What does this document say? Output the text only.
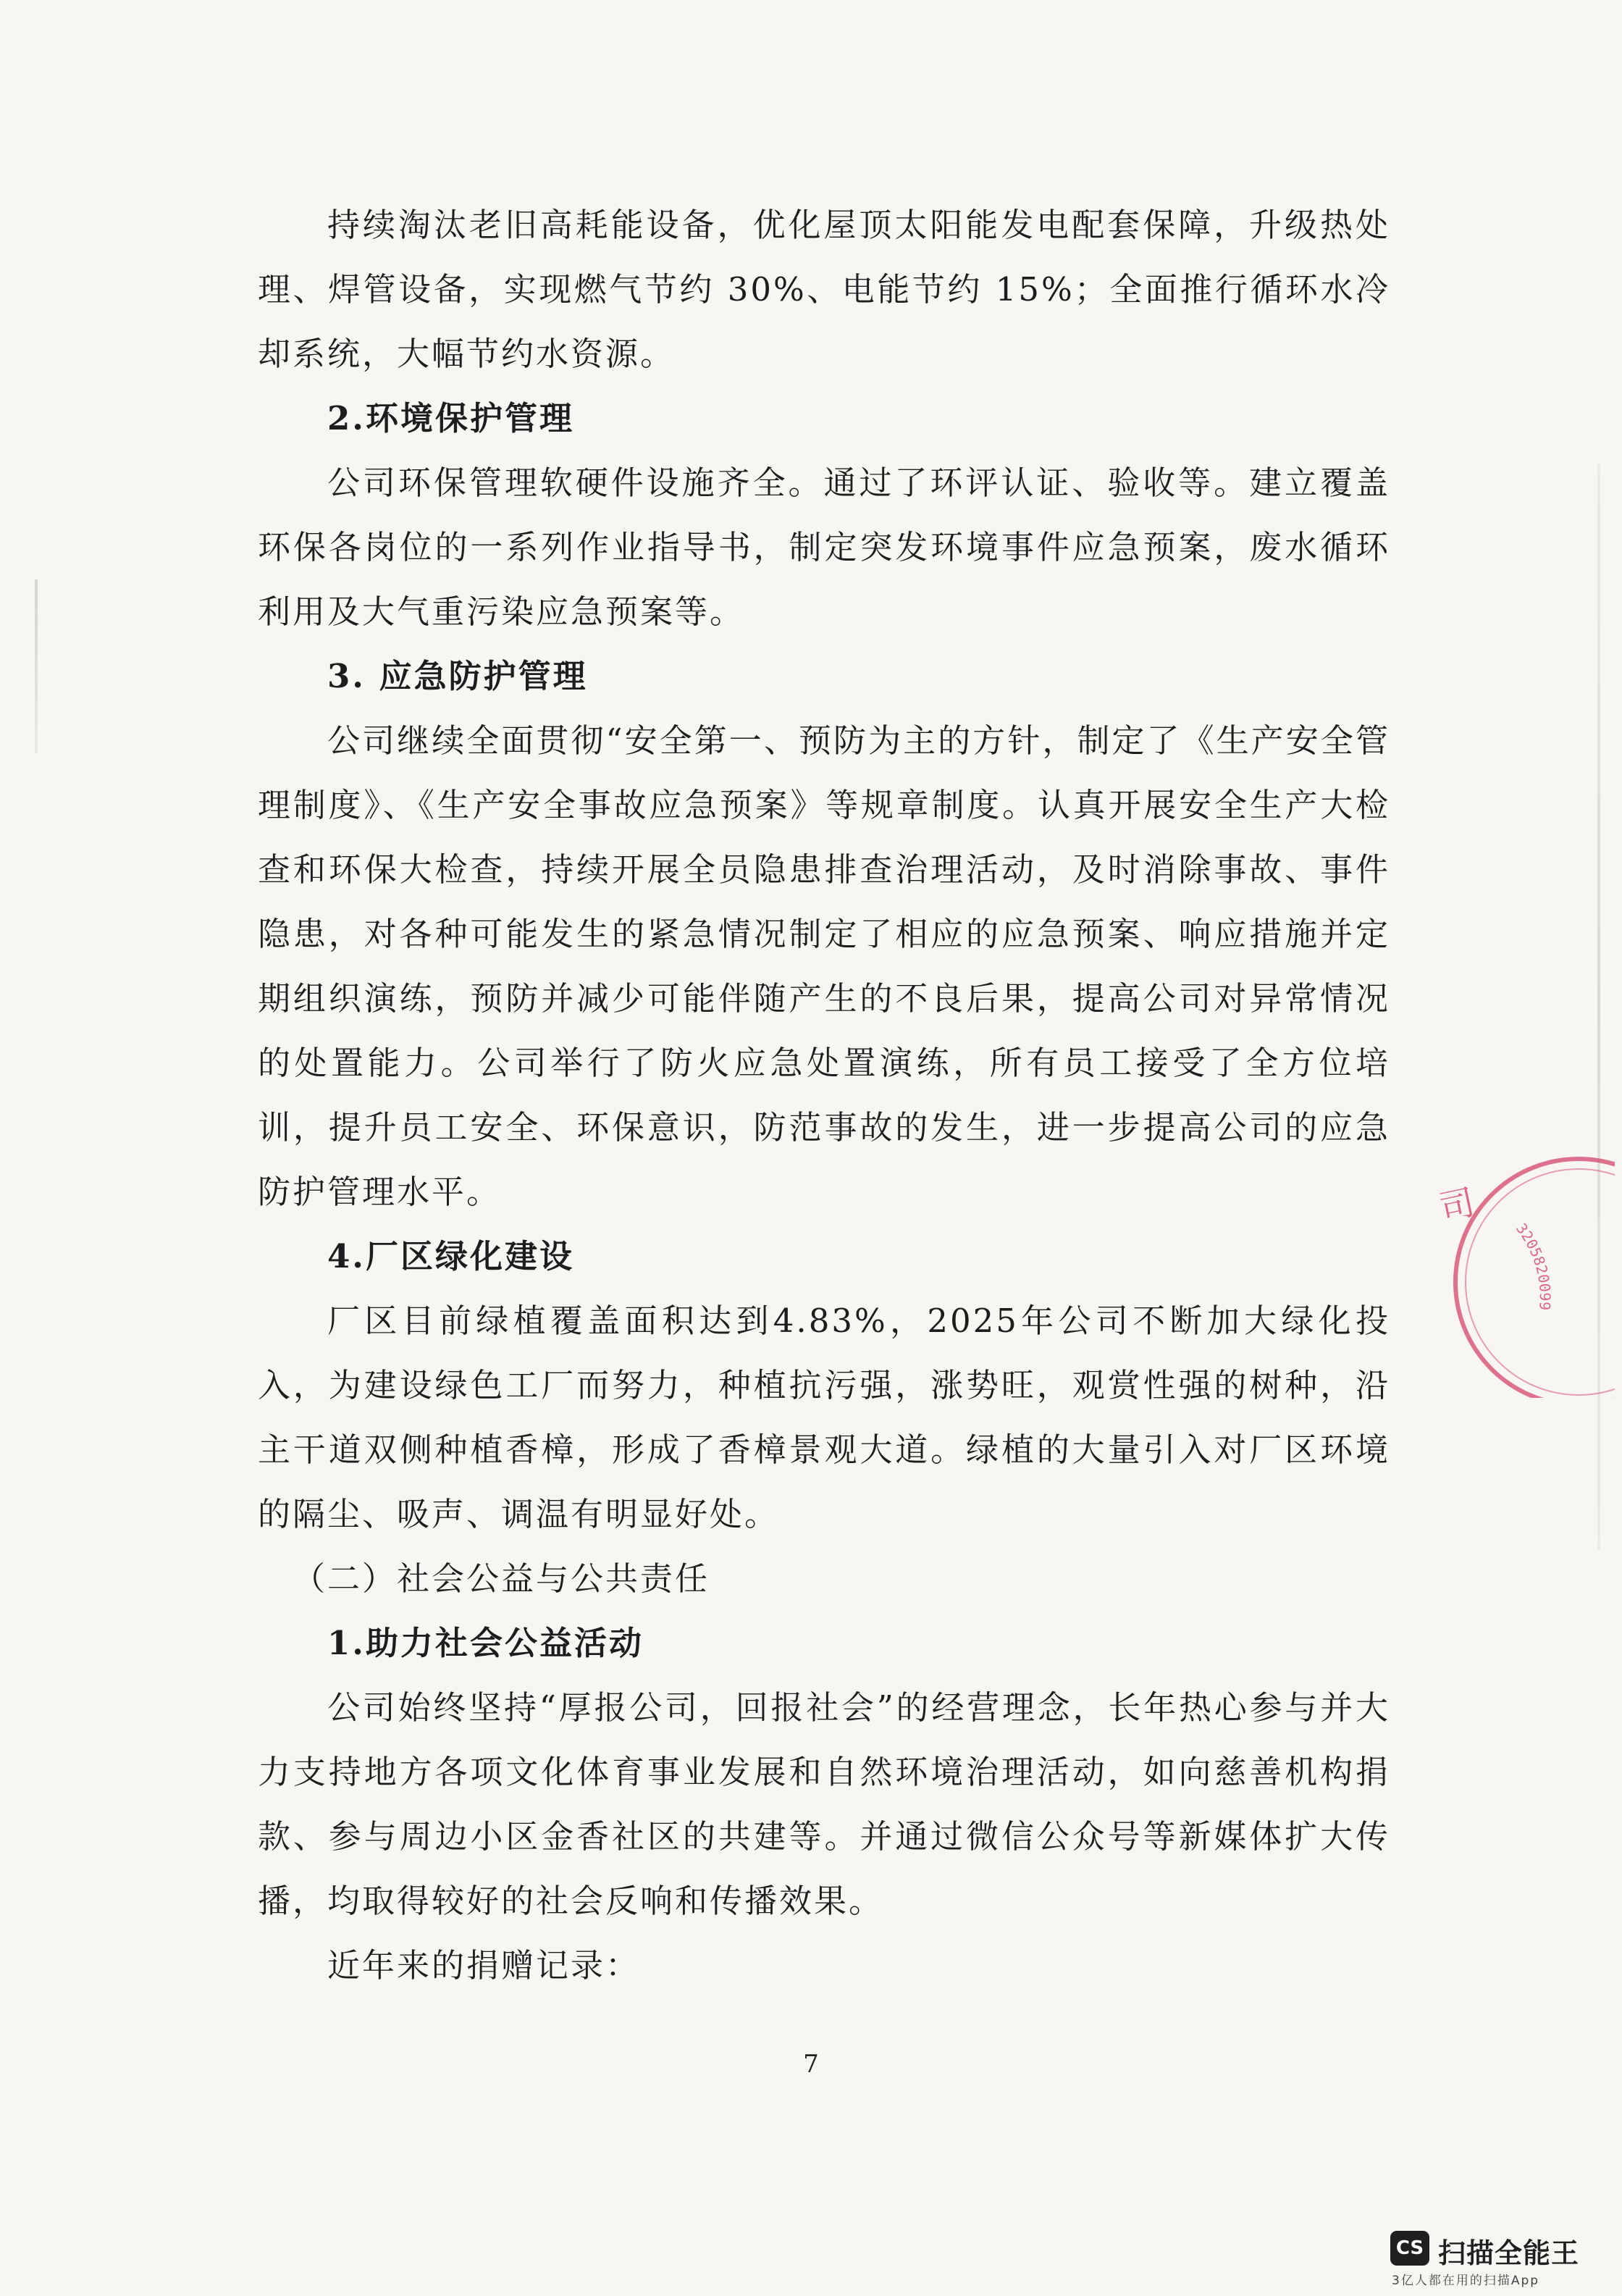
持续淘汰老旧高耗能设备，优化屋顶太阳能发电配套保障，升级热处理、焊管设备，实现燃气节约 30%、电能节约 15%；全面推行循环水冷却系统，大幅节约水资源。

2.环境保护管理

公司环保管理软硬件设施齐全。通过了环评认证、验收等。建立覆盖环保各岗位的一系列作业指导书，制定突发环境事件应急预案，废水循环利用及大气重污染应急预案等。

3. 应急防护管理

公司继续全面贯彻“安全第一、预防为主的方针，制定了《生产安全管理制度》、《生产安全事故应急预案》等规章制度。认真开展安全生产大检查和环保大检查，持续开展全员隐患排查治理活动，及时消除事故、事件隐患，对各种可能发生的紧急情况制定了相应的应急预案、响应措施并定期组织演练，预防并减少可能伴随产生的不良后果，提高公司对异常情况的处置能力。公司举行了防火应急处置演练，所有员工接受了全方位培训，提升员工安全、环保意识，防范事故的发生，进一步提高公司的应急防护管理水平。

4.厂区绿化建设

厂区目前绿植覆盖面积达到4.83%，2025年公司不断加大绿化投入，为建设绿色工厂而努力，种植抗污强，涨势旺，观赏性强的树种，沿主干道双侧种植香樟，形成了香樟景观大道。绿植的大量引入对厂区环境的隔尘、吸声、调温有明显好处。

（二）社会公益与公共责任

1.助力社会公益活动

公司始终坚持“厚报公司，回报社会”的经营理念，长年热心参与并大力支持地方各项文化体育事业发展和自然环境治理活动，如向慈善机构捐款、参与周边小区金香社区的共建等。并通过微信公众号等新媒体扩大传播，均取得较好的社会反响和传播效果。

近年来的捐赠记录：

7
司 3205820099
CS 扫描全能王
3亿人都在用的扫描App
